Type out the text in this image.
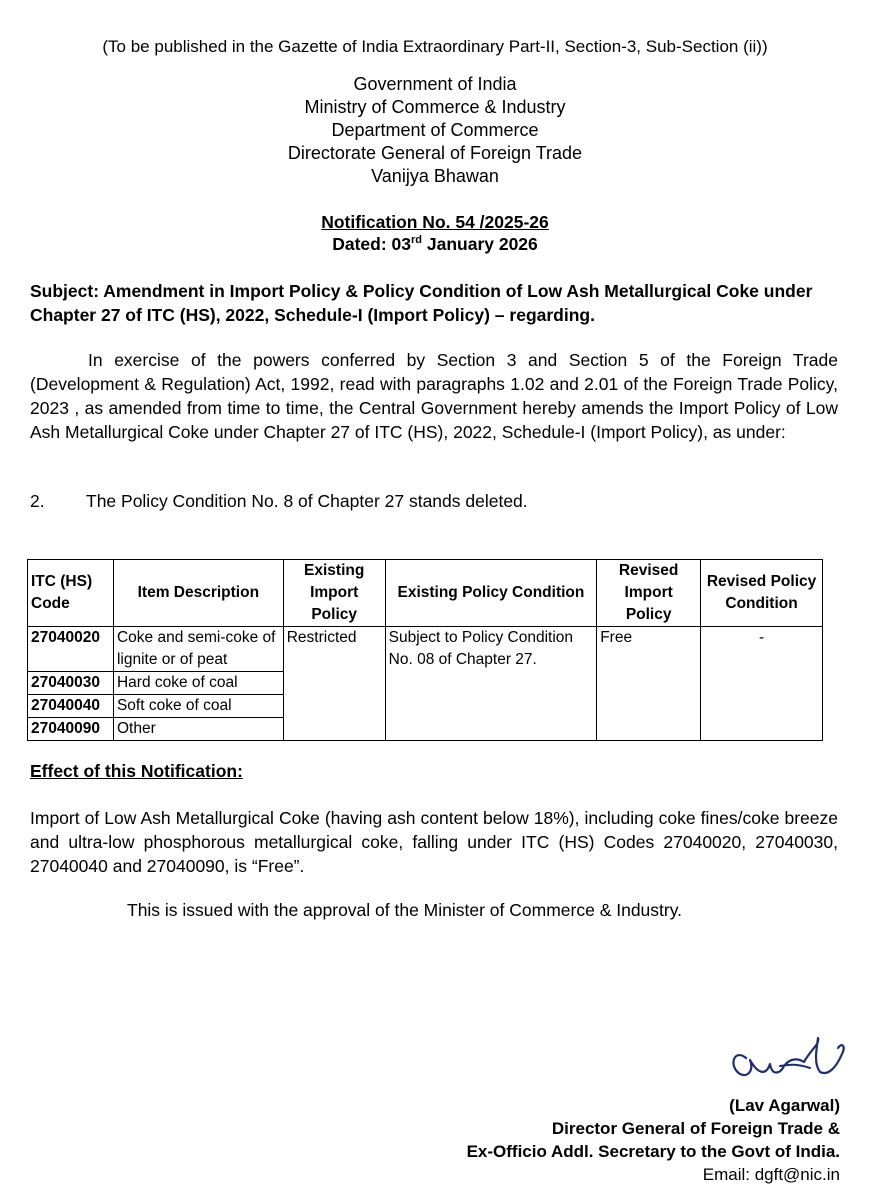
(To be published in the Gazette of India Extraordinary Part-II, Section-3, Sub-Section (ii))
Government of India
Ministry of Commerce & Industry
Department of Commerce
Directorate General of Foreign Trade
Vanijya Bhawan
Notification No. 54 /2025-26
Dated: 03rd January 2026
Subject: Amendment in Import Policy & Policy Condition of Low Ash Metallurgical Coke under Chapter 27 of ITC (HS), 2022, Schedule-I (Import Policy) – regarding.
In exercise of the powers conferred by Section 3 and Section 5 of the Foreign Trade (Development & Regulation) Act, 1992, read with paragraphs 1.02 and 2.01 of the Foreign Trade Policy, 2023 , as amended from time to time, the Central Government hereby amends the Import Policy of Low Ash Metallurgical Coke under Chapter 27 of ITC (HS), 2022, Schedule-I (Import Policy), as under:
2. The Policy Condition No. 8 of Chapter 27 stands deleted.
ITC (HS) Code	Item Description	Existing Import Policy	Existing Policy Condition	Revised Import Policy	Revised Policy Condition
27040020	Coke and semi-coke of lignite or of peat	Restricted	Subject to Policy Condition No. 08 of Chapter 27.	Free	-
27040030	Hard coke of coal				
27040040	Soft coke of coal				
27040090	Other				
Effect of this Notification:
Import of Low Ash Metallurgical Coke (having ash content below 18%), including coke fines/coke breeze and ultra-low phosphorous metallurgical coke, falling under ITC (HS) Codes 27040020, 27040030, 27040040 and 27040090, is “Free”.
This is issued with the approval of the Minister of Commerce & Industry.
(Lav Agarwal)
Director General of Foreign Trade &
Ex-Officio Addl. Secretary to the Govt of India.
Email: dgft@nic.in
